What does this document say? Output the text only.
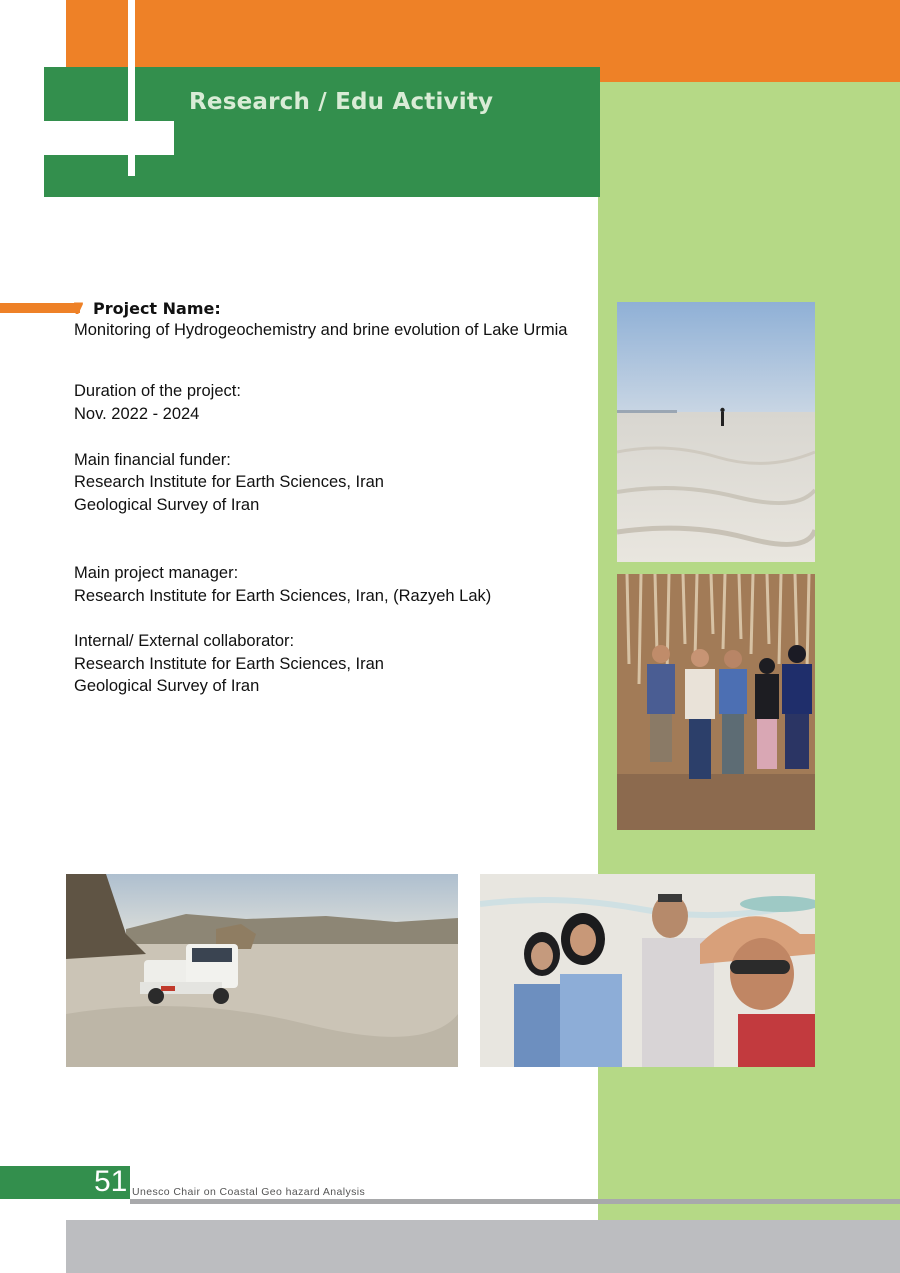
Research / Edu Activity
7 Project Name:
Monitoring of Hydrogeochemistry and brine evolution of Lake Urmia
Duration of the project:
Nov. 2022 - 2024
Main financial funder:
Research Institute for Earth Sciences, Iran
Geological Survey of Iran
Main project manager:
Research Institute for Earth Sciences, Iran, (Razyeh Lak)
Internal/ External collaborator:
Research Institute for Earth Sciences, Iran
Geological Survey of Iran
51 Unesco Chair on Coastal Geo hazard Analysis
